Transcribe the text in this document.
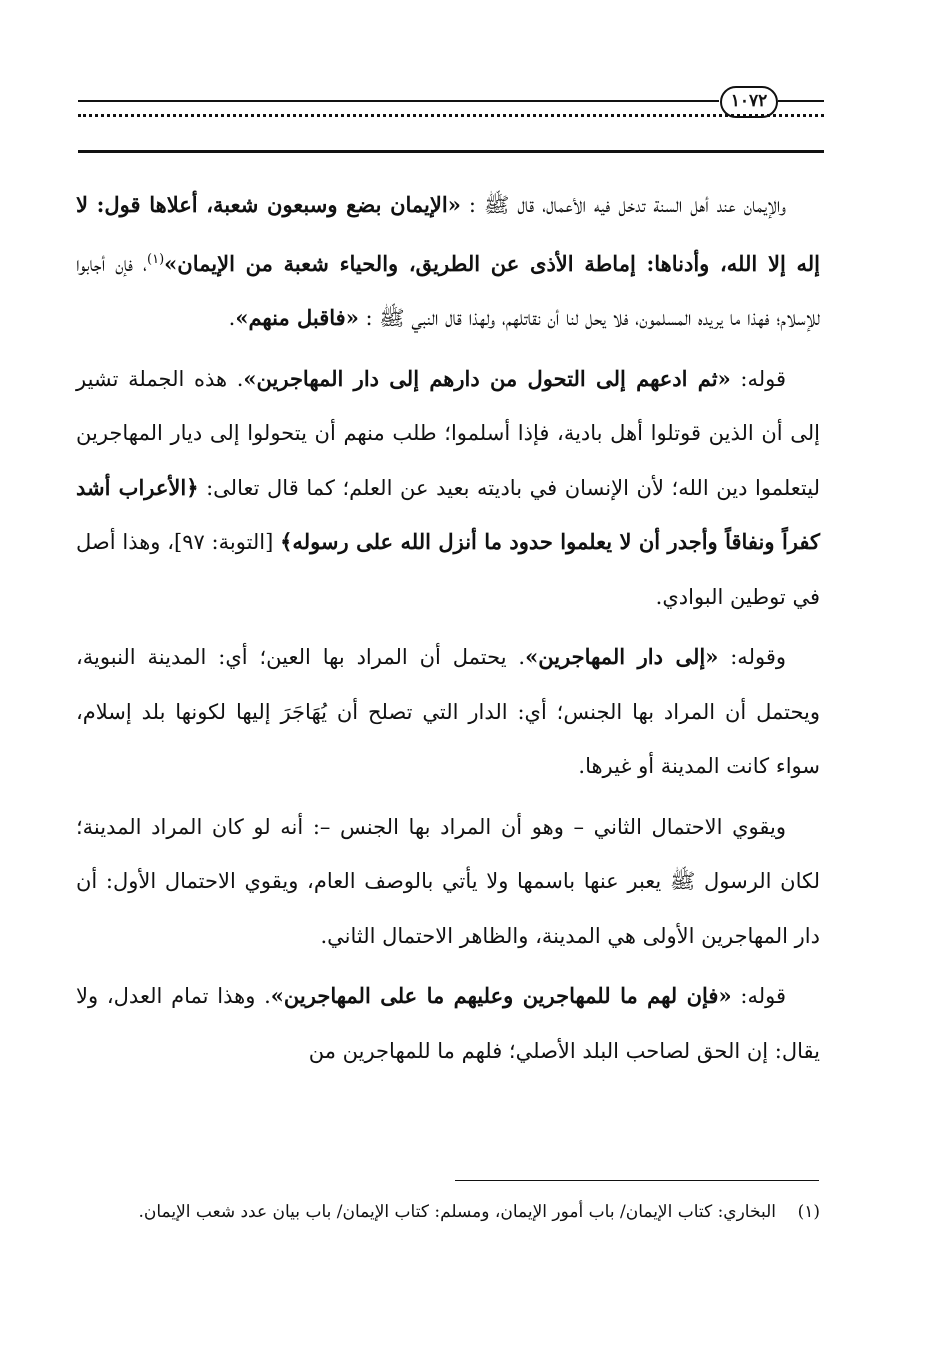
١٠٧٢

والإيمان عند أهل السنة تدخل فيه الأعمال، قال ﷺ : «الإيمان بضع وسبعون شعبة، أعلاها قول: لا إله إلا الله، وأدناها: إماطة الأذى عن الطريق، والحياء شعبة من الإيمان»$^{(١)}$، فإن أجابوا للإسلام؛ فهذا ما يريده المسلمون، فلا يحل لنا أن نقاتلهم، ولهذا قال النبي ﷺ : «فاقبل منهم».

قوله: «ثم ادعهم إلى التحول من دارهم إلى دار المهاجرين». هذه الجملة تشير إلى أن الذين قوتلوا أهل بادية، فإذا أسلموا؛ طلب منهم أن يتحولوا إلى ديار المهاجرين ليتعلموا دين الله؛ لأن الإنسان في باديته بعيد عن العلم؛ كما قال تعالى: ﴿الأعراب أشد كفراً ونفاقاً وأجدر أن لا يعلموا حدود ما أنزل الله على رسوله﴾ [التوبة: ٩٧]، وهذا أصل في توطين البوادي.

وقوله: «إلى دار المهاجرين». يحتمل أن المراد بها العين؛ أي: المدينة النبوية، ويحتمل أن المراد بها الجنس؛ أي: الدار التي تصلح أن يُهَاجَرَ إليها لكونها بلد إسلام، سواء كانت المدينة أو غيرها.

ويقوي الاحتمال الثاني – وهو أن المراد بها الجنس –: أنه لو كان المراد المدينة؛ لكان الرسول ﷺ يعبر عنها باسمها ولا يأتي بالوصف العام، ويقوي الاحتمال الأول: أن دار المهاجرين الأولى هي المدينة، والظاهر الاحتمال الثاني.

قوله: «فإن لهم ما للمهاجرين وعليهم ما على المهاجرين». وهذا تمام العدل، ولا يقال: إن الحق لصاحب البلد الأصلي؛ فلهم ما للمهاجرين من

(١)البخاري: كتاب الإيمان/ باب أمور الإيمان، ومسلم: كتاب الإيمان/ باب بيان عدد شعب الإيمان.
